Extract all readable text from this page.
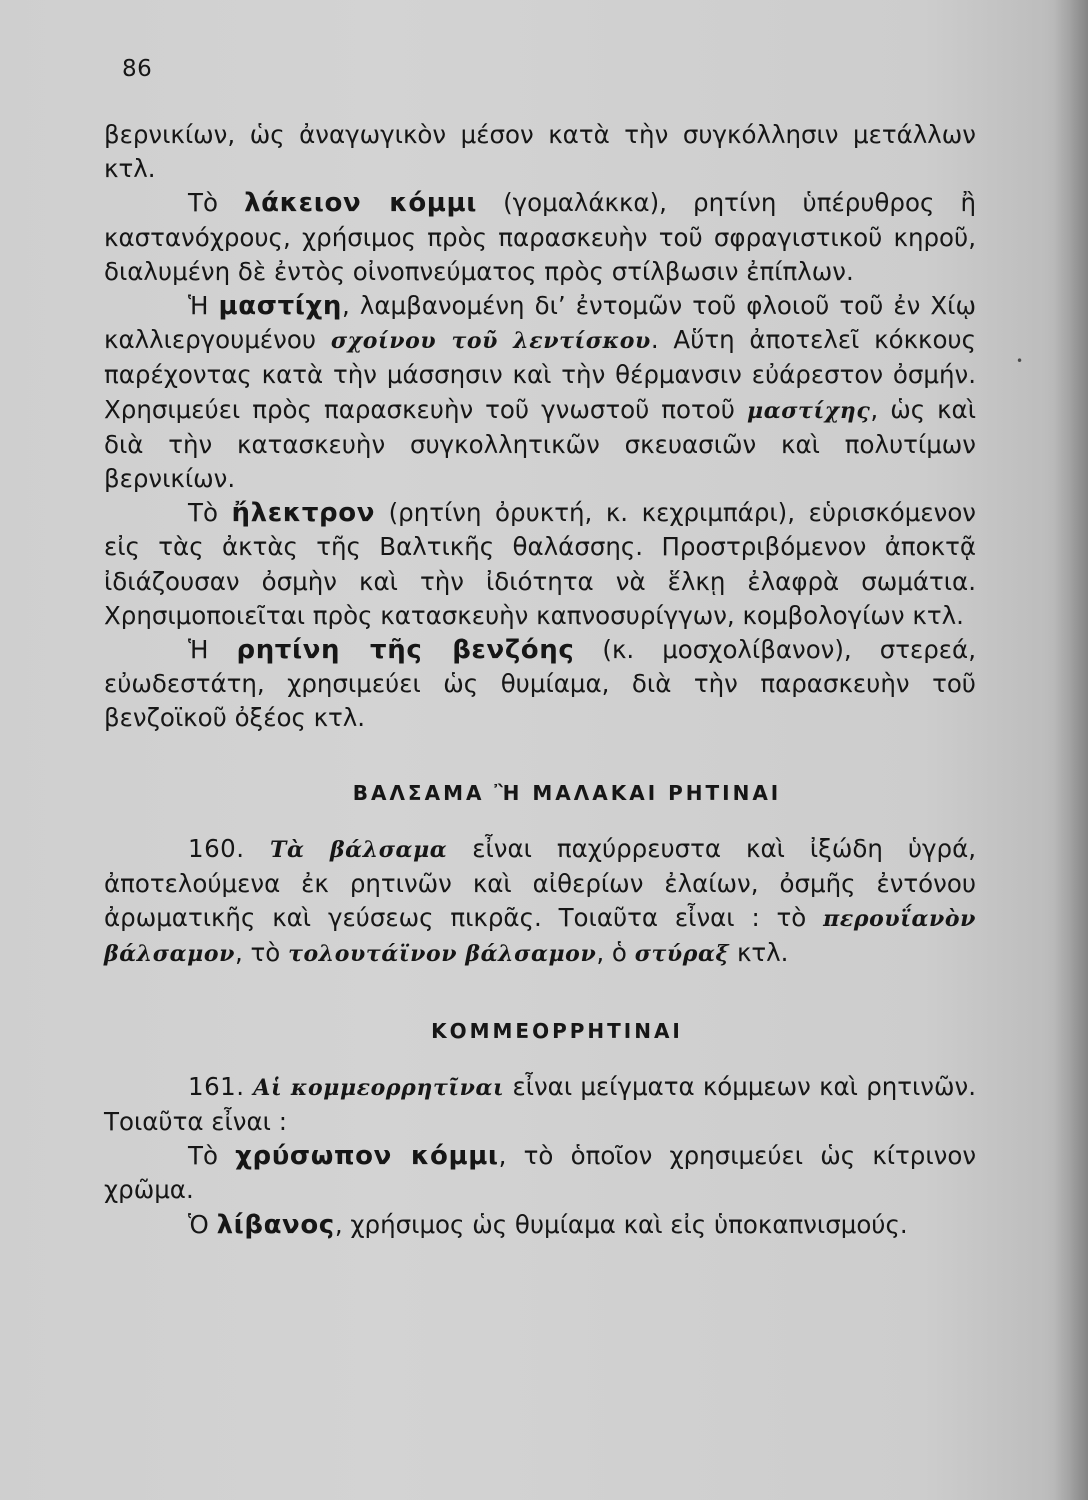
86

βερνικίων, ὡς ἀναγωγικὸν μέσον κατὰ τὴν συγκόλλησιν μετάλλων κτλ.

Τὸ λάκειον κόμμι (γομαλάκκα), ρητίνη ὑπέρυθρος ἢ καστανόχρους, χρήσιμος πρὸς παρασκευὴν τοῦ σφραγιστικοῦ κηροῦ, διαλυμένη δὲ ἐντὸς οἰνοπνεύματος πρὸς στίλβωσιν ἐπίπλων.

Ἡ μαστίχη, λαμβανομένη δι’ ἐντομῶν τοῦ φλοιοῦ τοῦ ἐν Χίῳ καλλιεργουμένου σχοίνου τοῦ λεντίσκου. Αὕτη ἀποτελεῖ κόκκους παρέχοντας κατὰ τὴν μάσσησιν καὶ τὴν θέρμανσιν εὐάρεστον ὀσμήν. Χρησιμεύει πρὸς παρασκευὴν τοῦ γνωστοῦ ποτοῦ μαστίχης, ὡς καὶ διὰ τὴν κατασκευὴν συγκολλητικῶν σκευασιῶν καὶ πολυτίμων βερνικίων.

Τὸ ἤλεκτρον (ρητίνη ὀρυκτή, κ. κεχριμπάρι), εὑρισκόμενον εἰς τὰς ἀκτὰς τῆς Βαλτικῆς θαλάσσης. Προστριβόμενον ἀποκτᾷ ἰδιάζουσαν ὀσμὴν καὶ τὴν ἰδιότητα νὰ ἕλκῃ ἐλαφρὰ σωμάτια. Χρησιμοποιεῖται πρὸς κατασκευὴν καπνοσυρίγγων, κομβολογίων κτλ.

Ἡ ρητίνη τῆς βενζόης (κ. μοσχολίβανον), στερεά, εὐωδεστάτη, χρησιμεύει ὡς θυμίαμα, διὰ τὴν παρασκευὴν τοῦ βενζοϊκοῦ ὀξέος κτλ.

ΒΑΛΣΑΜΑ Ἢ ΜΑΛΑΚΑΙ ΡΗΤΙΝΑΙ

160. Τὰ βάλσαμα εἶναι παχύρρευστα καὶ ἰξώδη ὑγρά, ἀποτελούμενα ἐκ ρητινῶν καὶ αἰθερίων ἐλαίων, ὀσμῆς ἐντόνου ἀρωματικῆς καὶ γεύσεως πικρᾶς. Τοιαῦτα εἶναι : τὸ περουΐανὸν βάλσαμον, τὸ τολουτάϊνον βάλσαμον, ὁ στύραξ κτλ.

ΚΟΜΜΕΟΡΡΗΤΙΝΑΙ

161. Αἱ κομμεορρητῖναι εἶναι μείγματα κόμμεων καὶ ρητινῶν. Τοιαῦτα εἶναι :

Τὸ χρύσωπον κόμμι, τὸ ὁποῖον χρησιμεύει ὡς κίτρινον χρῶμα.

Ὁ λίβανος, χρήσιμος ὡς θυμίαμα καὶ εἰς ὑποκαπνισμούς.

•
